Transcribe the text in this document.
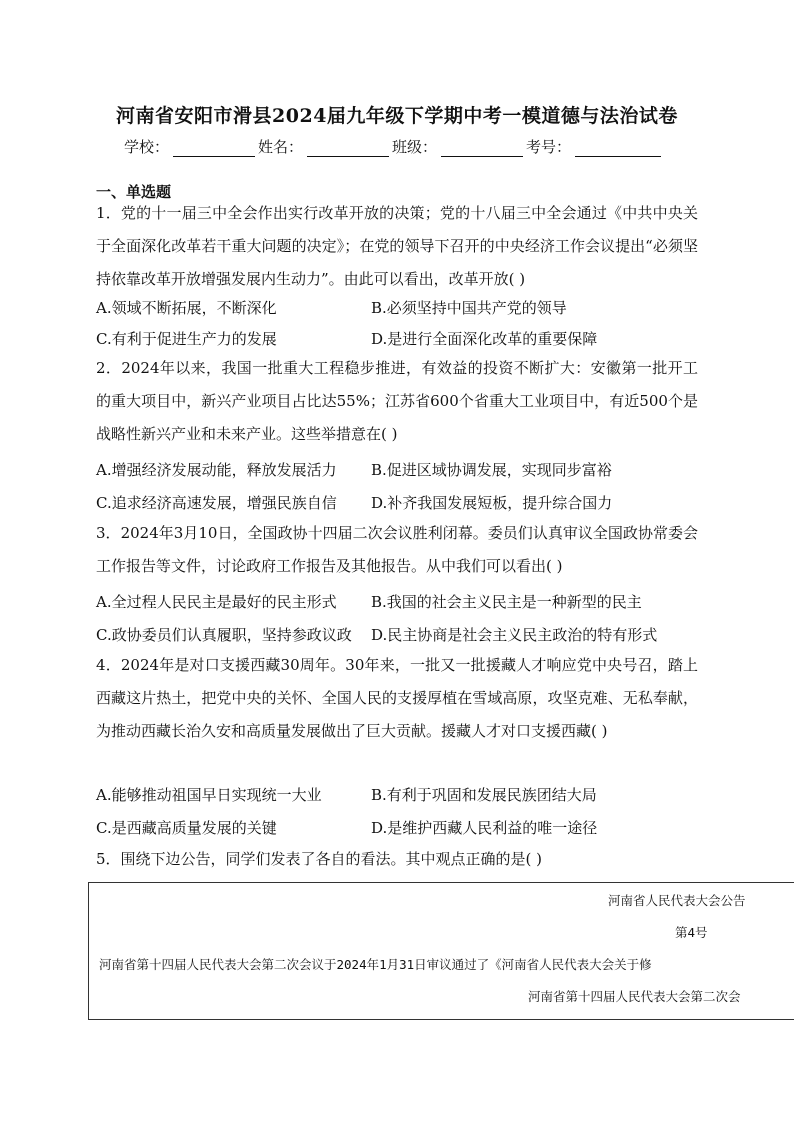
河南省安阳市滑县2024届九年级下学期中考一模道德与法治试卷
学校：	姓名：	班级：	考号：
一、单选题
1．党的十一届三中全会作出实行改革开放的决策；党的十八届三中全会通过《中共中央关于全面深化改革若干重大问题的决定》；在党的领导下召开的中央经济工作会议提出“必须坚持依靠改革开放增强发展内生动力”。由此可以看出，改革开放( )
A.领域不断拓展，不断深化	B.必须坚持中国共产党的领导
C.有利于促进生产力的发展	D.是进行全面深化改革的重要保障
2．2024年以来，我国一批重大工程稳步推进，有效益的投资不断扩大：安徽第一批开工的重大项目中，新兴产业项目占比达55%；江苏省600个省重大工业项目中，有近500个是战略性新兴产业和未来产业。这些举措意在( )
A.增强经济发展动能，释放发展活力 B.促进区域协调发展，实现同步富裕
C.追求经济高速发展，增强民族自信 D.补齐我国发展短板，提升综合国力
3．2024年3月10日，全国政协十四届二次会议胜利闭幕。委员们认真审议全国政协常委会工作报告等文件，讨论政府工作报告及其他报告。从中我们可以看出( )
A.全过程人民民主是最好的民主形式 B.我国的社会主义民主是一种新型的民主
C.政协委员们认真履职，坚持参政议政 D.民主协商是社会主义民主政治的特有形式
4．2024年是对口支援西藏30周年。30年来，一批又一批援藏人才响应党中央号召，踏上西藏这片热土，把党中央的关怀、全国人民的支援厚植在雪域高原，攻坚克难、无私奉献，为推动西藏长治久安和高质量发展做出了巨大贡献。援藏人才对口支援西藏( )
A.能够推动祖国早日实现统一大业	B.有利于巩固和发展民族团结大局
C.是西藏高质量发展的关键	D.是维护西藏人民利益的唯一途径
5．围绕下边公告，同学们发表了各自的看法。其中观点正确的是( )
河南省人民代表大会公告
第4号
河南省第十四届人民代表大会第二次会议于2024年1月31日审议通过了《河南省人民代表大会关于修
河南省第十四届人民代表大会第二次会
